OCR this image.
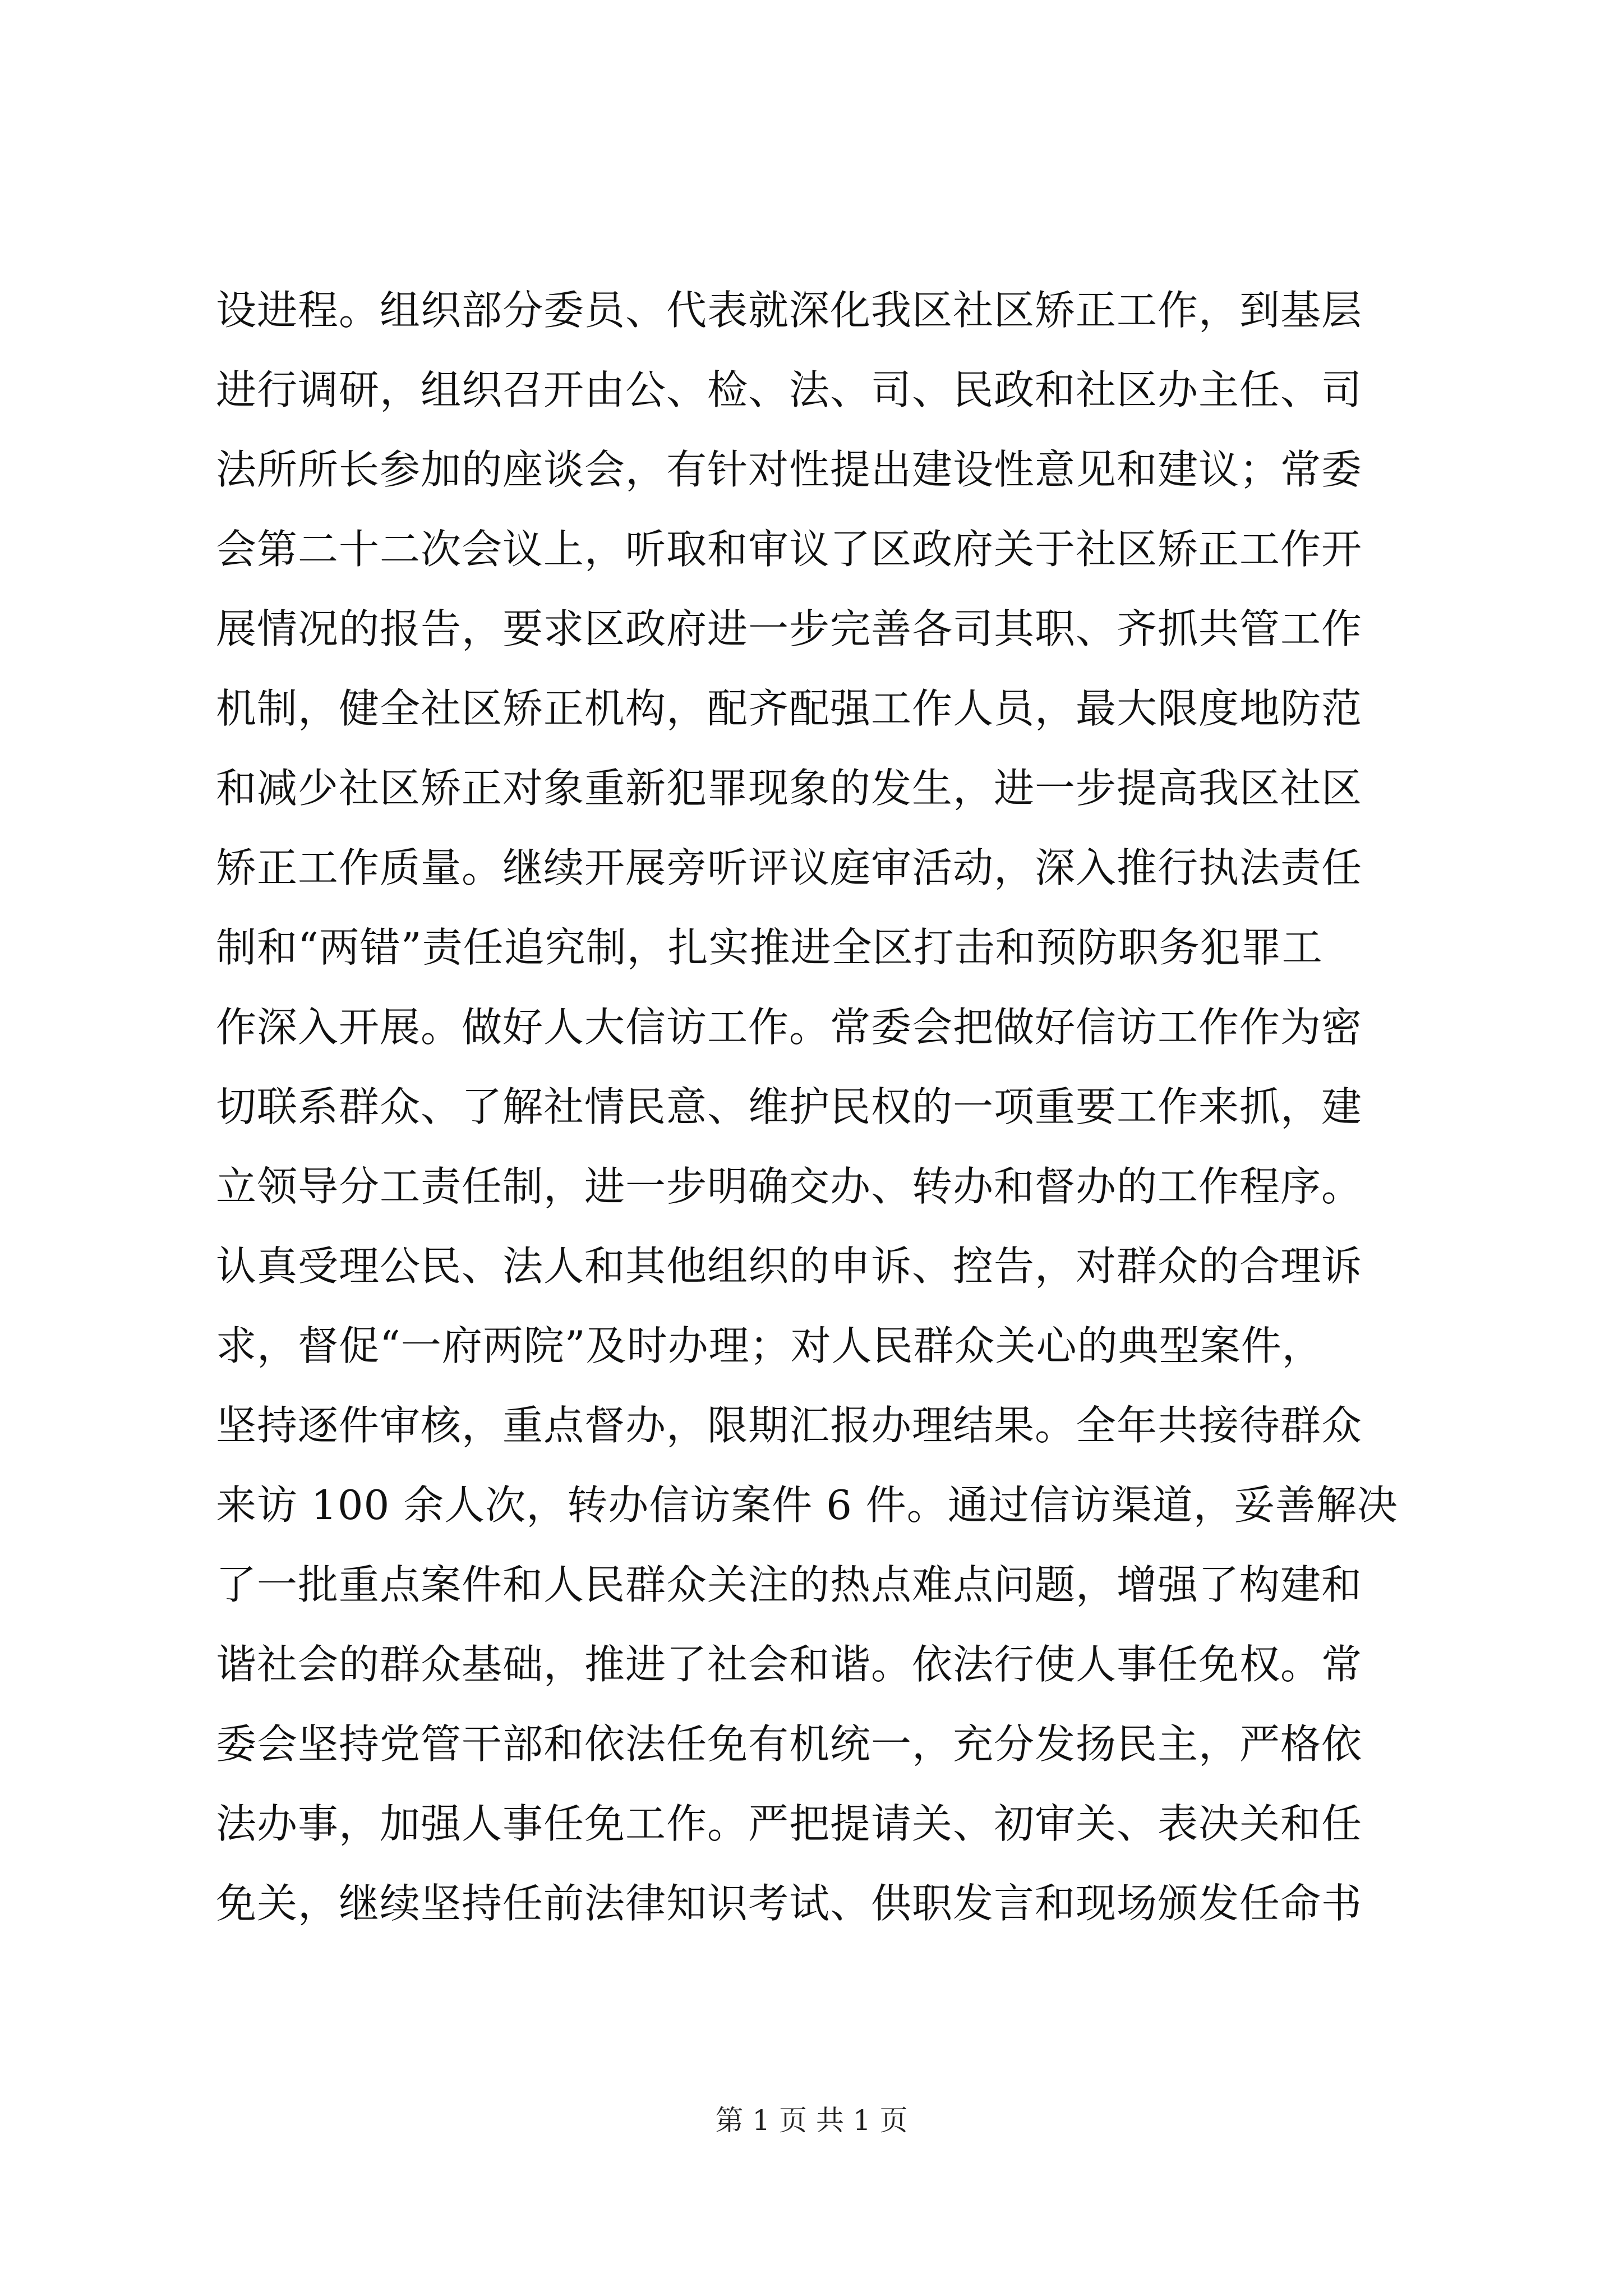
设进程。组织部分委员、代表就深化我区社区矫正工作，到基层
进行调研，组织召开由公、检、法、司、民政和社区办主任、司
法所所长参加的座谈会，有针对性提出建设性意见和建议；常委
会第二十二次会议上，听取和审议了区政府关于社区矫正工作开
展情况的报告，要求区政府进一步完善各司其职、齐抓共管工作
机制，健全社区矫正机构，配齐配强工作人员，最大限度地防范
和减少社区矫正对象重新犯罪现象的发生，进一步提高我区社区
矫正工作质量。继续开展旁听评议庭审活动，深入推行执法责任
制和“两错”责任追究制，扎实推进全区打击和预防职务犯罪工
作深入开展。做好人大信访工作。常委会把做好信访工作作为密
切联系群众、了解社情民意、维护民权的一项重要工作来抓，建
立领导分工责任制，进一步明确交办、转办和督办的工作程序。
认真受理公民、法人和其他组织的申诉、控告，对群众的合理诉
求，督促“一府两院”及时办理；对人民群众关心的典型案件，
坚持逐件审核，重点督办，限期汇报办理结果。全年共接待群众
来访 100 余人次，转办信访案件 6 件。通过信访渠道，妥善解决
了一批重点案件和人民群众关注的热点难点问题，增强了构建和
谐社会的群众基础，推进了社会和谐。依法行使人事任免权。常
委会坚持党管干部和依法任免有机统一，充分发扬民主，严格依
法办事，加强人事任免工作。严把提请关、初审关、表决关和任
免关，继续坚持任前法律知识考试、供职发言和现场颁发任命书
第 1 页 共 1 页
